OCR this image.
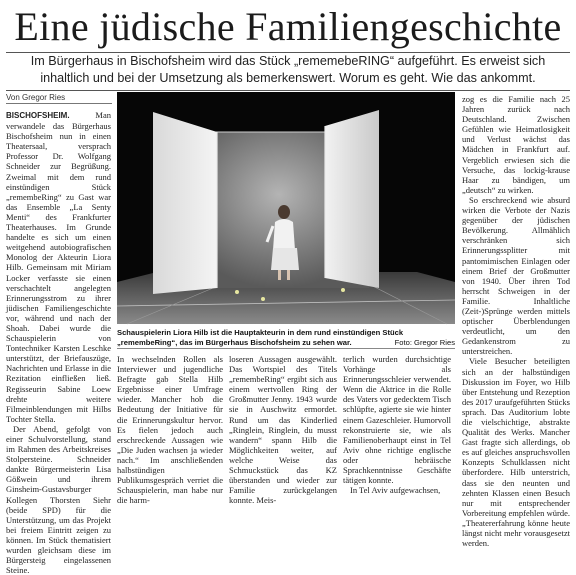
Eine jüdische Familiengeschichte
Im Bürgerhaus in Bischofsheim wird das Stück „rememebeRING“ aufgeführt. Es erweist sich inhaltlich und bei der Umsetzung als bemerkenswert. Worum es geht. Wie das ankommt.
Von Gregor Ries

BISCHOFSHEIM.	Man verwandele das Bürgerhaus Bischofsheim nun in einen Theatersaal, versprach Professor Dr. Wolfgang Schneider zur Begrüßung. Zweimal mit dem rund einstündigen Stück „remembeRing“ zu Gast war das Ensemble „La Senty Menti“ des Frankfurter Theaterhauses. Im Grunde handelte es sich um einen weitgehend autobiografischen Monolog der Akteurin Liora Hilb. Gemeinsam mit Miriam Locker verfasste sie einen verschachtelt angelegten Erinnerungsstrom zu ihrer jüdischen Familiengeschichte vor, während und nach der Shoah. Dabei wurde die Schauspielerin von Tontechniker Karsten Leschke unterstützt, der Briefauszüge, Nachrichten und Erlasse in die Rezitation einfließen ließ. Regisseurin Sabine Loew drehte weitere Filmeinblendungen mit Hilbs Tochter Stella.

Der Abend, gefolgt von einer Schulvorstellung, stand im Rahmen des Arbeitskreises Stolpersteine. Schneider dankte Bürgermeisterin Lisa Gößwein und ihrem Ginsheim-Gustavsburger Kollegen Thorsten Siehr (beide SPD) für die Unterstützung, um das Projekt bei freiem Eintritt zeigen zu können. Im Stück thematisiert wurden gleichsam diese im Bürgersteig eingelassenen Steine.

Schauspielerin Liora Hilb ist die Hauptakteurin in dem rund einstündigen Stück „remembeRing“, das im Bürgerhaus Bischofsheim zu sehen war.	Foto: Gregor Ries

In wechselnden Rollen als Interviewer und jugendliche Befragte gab Stella Hilb Ergebnisse einer Umfrage wieder. Mancher hob die Bedeutung der Initiative für die Erinnerungskultur hervor. Es fielen jedoch auch erschreckende Aussagen wie „Die Juden wachsen ja wieder nach.“ Im anschließenden halbstündigen Publikumsgespräch verriet die Schauspielerin, man habe nur die harm-

loseren Aussagen ausgewählt. Das Wortspiel des Titels „remembeRing“ ergibt sich aus einem wertvollen Ring der Großmutter Jenny. 1943 wurde sie in Auschwitz ermordet. Rund um das Kinderlied „Ringlein, Ringlein, du musst wandern“ spann Hilb die Möglichkeiten weiter, auf welche Weise das Schmuckstück das KZ überstanden und wieder zur Familie zurückgelangen konnte. Meis-

terlich wurden durchsichtige Vorhänge als Erinnerungsschleier verwendet. Wenn die Aktrice in die Rolle des Vaters vor gedecktem Tisch schlüpfte, agierte sie wie hinter einem Gazeschleier. Humorvoll rekonstruierte sie, wie als Familienoberhaupt einst in Tel Aviv ohne richtige englische oder hebräische Sprachkenntnisse Geschäfte tätigen konnte.

In Tel Aviv aufgewachsen,

zog es die Familie nach 25 Jahren zurück nach Deutschland. Zwischen Gefühlen wie Heimatlosigkeit und Verlust wächst das Mädchen in Frankfurt auf. Vergeblich erwiesen sich die Versuche, das lockig-krause Haar zu bändigen, um „deutsch“ zu wirken.

So erschreckend wie absurd wirken die Verbote der Nazis gegenüber der jüdischen Bevölkerung. Allmählich verschränken sich Erinnerungssplitter mit pantomimischen Einlagen oder einem Brief der Großmutter von 1940. Über ihren Tod herrscht Schweigen in der Familie. Inhaltliche (Zeit-)Sprünge werden mittels optischer Überblendungen verdeutlicht, um den Gedankenstrom zu unterstreichen.

Viele Besucher beteiligten sich an der halbstündigen Diskussion im Foyer, wo Hilb über Entstehung und Rezeption des 2017 uraufgeführten Stücks sprach. Das Auditorium lobte die vielschichtige, abstrakte Qualität des Werks. Mancher Gast fragte sich allerdings, ob es auf gleiches anspruchsvollen Konzepts Schulklassen nicht überfordere. Hilb unterstrich, dass sie den neunten und zehnten Klassen einen Besuch nur mit entsprechender Vorbereitung empfehlen würde. „Theatererfahrung könne heute längst nicht mehr vorausgesetzt werden.
